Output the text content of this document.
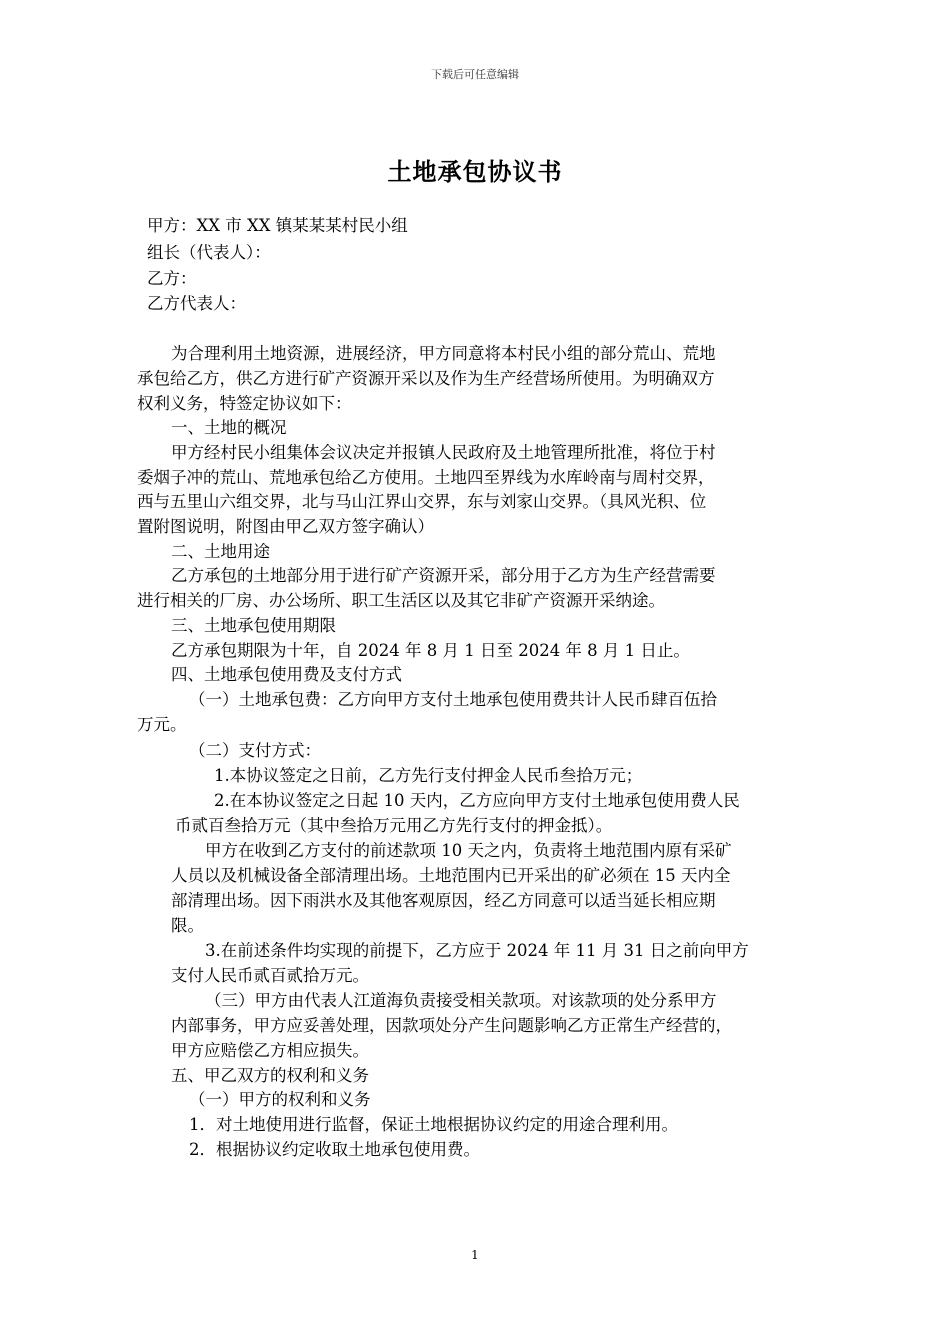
下载后可任意编辑
土地承包协议书
甲方：XX 市 XX 镇某某某村民小组
组长（代表人）：
乙方：
乙方代表人：
为合理利用土地资源，进展经济，甲方同意将本村民小组的部分荒山、荒地
承包给乙方，供乙方进行矿产资源开采以及作为生产经营场所使用。为明确双方
权利义务，特签定协议如下：
一、土地的概况
甲方经村民小组集体会议决定并报镇人民政府及土地管理所批准，将位于村
委烟子冲的荒山、荒地承包给乙方使用。土地四至界线为水库岭南与周村交界，
西与五里山六组交界，北与马山江界山交界，东与刘家山交界。（具风光积、位
置附图说明，附图由甲乙双方签字确认）
二、土地用途
乙方承包的土地部分用于进行矿产资源开采，部分用于乙方为生产经营需要
进行相关的厂房、办公场所、职工生活区以及其它非矿产资源开采纳途。
三、土地承包使用期限
乙方承包期限为十年，自 2024 年 8 月 1 日至 2024 年 8 月 1 日止。
四、土地承包使用费及支付方式
（一）土地承包费：乙方向甲方支付土地承包使用费共计人民币肆百伍拾
万元。
（二）支付方式：
1.本协议签定之日前，乙方先行支付押金人民币叁拾万元；
2.在本协议签定之日起 10 天内，乙方应向甲方支付土地承包使用费人民
币贰百叁拾万元（其中叁拾万元用乙方先行支付的押金抵）。
甲方在收到乙方支付的前述款项 10 天之内，负责将土地范围内原有采矿
人员以及机械设备全部清理出场。土地范围内已开采出的矿必须在 15 天内全
部清理出场。因下雨洪水及其他客观原因，经乙方同意可以适当延长相应期
限。
3.在前述条件均实现的前提下，乙方应于 2024 年 11 月 31 日之前向甲方
支付人民币贰百贰拾万元。
（三）甲方由代表人江道海负责接受相关款项。对该款项的处分系甲方
内部事务，甲方应妥善处理，因款项处分产生问题影响乙方正常生产经营的，
甲方应赔偿乙方相应损失。
五、甲乙双方的权利和义务
（一）甲方的权利和义务
1．对土地使用进行监督，保证土地根据协议约定的用途合理利用。
2．根据协议约定收取土地承包使用费。
1
